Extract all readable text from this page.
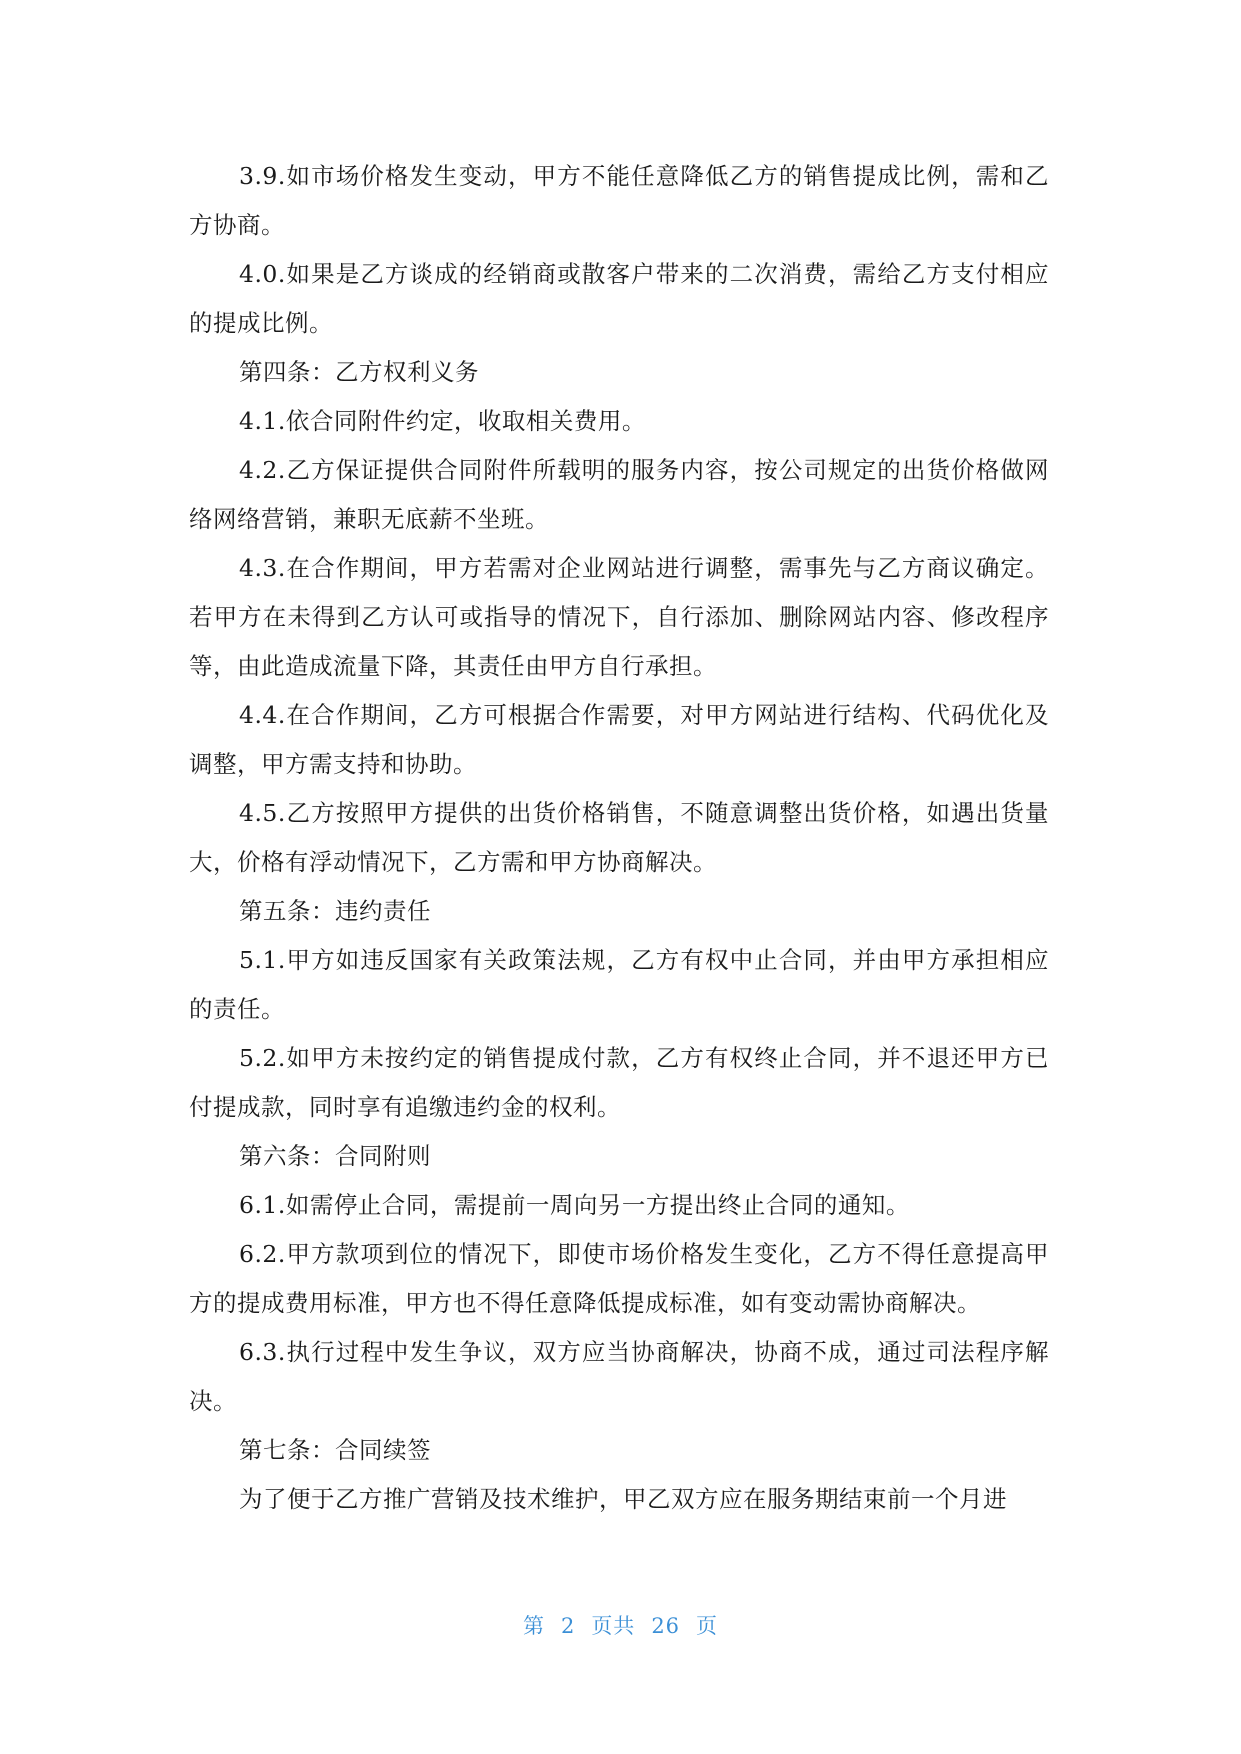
3.9.如市场价格发生变动，甲方不能任意降低乙方的销售提成比例，需和乙方协商。

4.0.如果是乙方谈成的经销商或散客户带来的二次消费，需给乙方支付相应的提成比例。

第四条：乙方权利义务

4.1.依合同附件约定，收取相关费用。

4.2.乙方保证提供合同附件所载明的服务内容，按公司规定的出货价格做网络网络营销，兼职无底薪不坐班。

4.3.在合作期间，甲方若需对企业网站进行调整，需事先与乙方商议确定。若甲方在未得到乙方认可或指导的情况下，自行添加、删除网站内容、修改程序等，由此造成流量下降，其责任由甲方自行承担。

4.4.在合作期间，乙方可根据合作需要，对甲方网站进行结构、代码优化及调整，甲方需支持和协助。

4.5.乙方按照甲方提供的出货价格销售，不随意调整出货价格，如遇出货量大，价格有浮动情况下，乙方需和甲方协商解决。

第五条：违约责任

5.1.甲方如违反国家有关政策法规，乙方有权中止合同，并由甲方承担相应的责任。

5.2.如甲方未按约定的销售提成付款，乙方有权终止合同，并不退还甲方已付提成款，同时享有追缴违约金的权利。

第六条：合同附则

6.1.如需停止合同，需提前一周向另一方提出终止合同的通知。

6.2.甲方款项到位的情况下，即使市场价格发生变化，乙方不得任意提高甲方的提成费用标准，甲方也不得任意降低提成标准，如有变动需协商解决。

6.3.执行过程中发生争议，双方应当协商解决，协商不成，通过司法程序解决。

第七条：合同续签

为了便于乙方推广营销及技术维护，甲乙双方应在服务期结束前一个月进

第 2 页共 26 页
